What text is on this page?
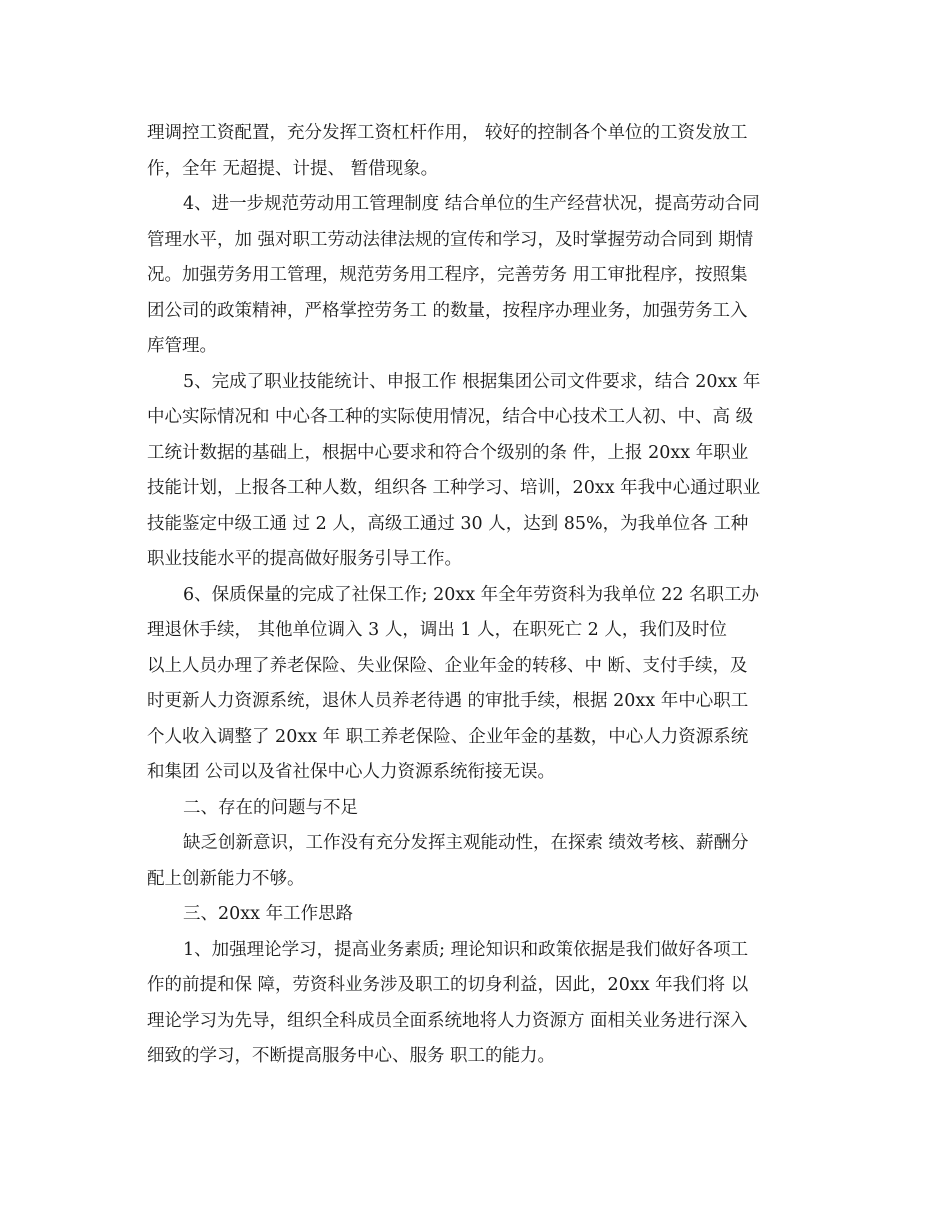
理调控工资配置，充分发挥工资杠杆作用， 较好的控制各个单位的工资发放工
作，全年 无超提、计提、 暂借现象。
4、进一步规范劳动用工管理制度 结合单位的生产经营状况，提高劳动合同
管理水平，加 强对职工劳动法律法规的宣传和学习，及时掌握劳动合同到 期情
况。加强劳务用工管理，规范劳务用工程序，完善劳务 用工审批程序，按照集
团公司的政策精神，严格掌控劳务工 的数量，按程序办理业务，加强劳务工入
库管理。
5、完成了职业技能统计、申报工作 根据集团公司文件要求，结合 20xx 年
中心实际情况和 中心各工种的实际使用情况，结合中心技术工人初、中、高 级
工统计数据的基础上，根据中心要求和符合个级别的条 件，上报 20xx 年职业
技能计划，上报各工种人数，组织各 工种学习、培训，20xx 年我中心通过职业
技能鉴定中级工通 过 2 人，高级工通过 30 人，达到 85%，为我单位各 工种
职业技能水平的提高做好服务引导工作。
6、保质保量的完成了社保工作; 20xx 年全年劳资科为我单位 22 名职工办
理退休手续， 其他单位调入 3 人，调出 1 人，在职死亡 2 人，我们及时位
以上人员办理了养老保险、失业保险、企业年金的转移、中 断、支付手续，及
时更新人力资源系统，退休人员养老待遇 的审批手续，根据 20xx 年中心职工
个人收入调整了 20xx 年 职工养老保险、企业年金的基数，中心人力资源系统
和集团 公司以及省社保中心人力资源系统衔接无误。
二、存在的问题与不足
缺乏创新意识，工作没有充分发挥主观能动性，在探索 绩效考核、薪酬分
配上创新能力不够。
三、20xx 年工作思路
1、加强理论学习，提高业务素质; 理论知识和政策依据是我们做好各项工
作的前提和保 障，劳资科业务涉及职工的切身利益，因此，20xx 年我们将 以
理论学习为先导，组织全科成员全面系统地将人力资源方 面相关业务进行深入
细致的学习，不断提高服务中心、服务 职工的能力。
